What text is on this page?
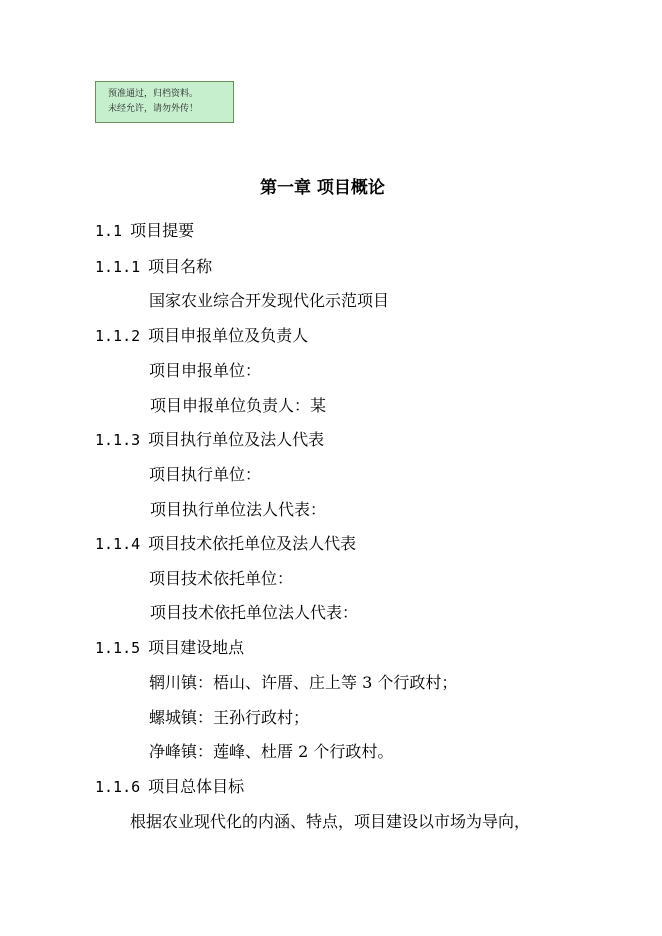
预准通过，归档资料。
未经允许，请勿外传！
第一章 项目概论
1.1 项目提要
1.1.1 项目名称
国家农业综合开发现代化示范项目
1.1.2 项目申报单位及负责人
项目申报单位：
项目申报单位负责人：某
1.1.3 项目执行单位及法人代表
项目执行单位：
项目执行单位法人代表：
1.1.4 项目技术依托单位及法人代表
项目技术依托单位：
项目技术依托单位法人代表：
1.1.5 项目建设地点
辋川镇：梧山、许厝、庄上等 3 个行政村；
螺城镇：王孙行政村；
净峰镇：莲峰、杜厝 2 个行政村。
1.1.6 项目总体目标
根据农业现代化的内涵、特点，项目建设以市场为导向，
